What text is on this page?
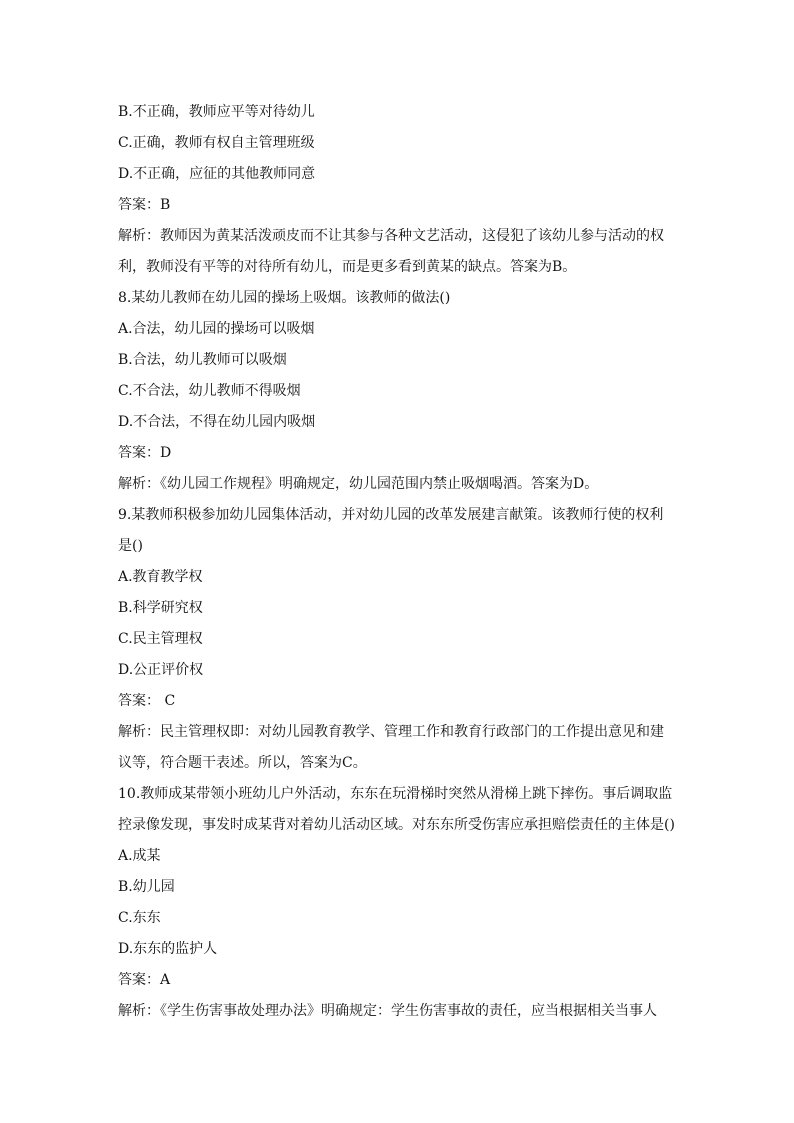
B.不正确，教师应平等对待幼儿
C.正确，教师有权自主管理班级
D.不正确，应征的其他教师同意
答案：B
解析：教师因为黄某活泼顽皮而不让其参与各种文艺活动，这侵犯了该幼儿参与活动的权
利，教师没有平等的对待所有幼儿，而是更多看到黄某的缺点。答案为B。
8.某幼儿教师在幼儿园的操场上吸烟。该教师的做法()
A.合法，幼儿园的操场可以吸烟
B.合法，幼儿教师可以吸烟
C.不合法，幼儿教师不得吸烟
D.不合法，不得在幼儿园内吸烟
答案：D
解析：《幼儿园工作规程》明确规定，幼儿园范围内禁止吸烟喝酒。答案为D。
9.某教师积极参加幼儿园集体活动，并对幼儿园的改革发展建言献策。该教师行使的权利
是()
A.教育教学权
B.科学研究权
C.民主管理权
D.公正评价权
答案： C
解析：民主管理权即：对幼儿园教育教学、管理工作和教育行政部门的工作提出意见和建
议等，符合题干表述。所以，答案为C。
10.教师成某带领小班幼儿户外活动，东东在玩滑梯时突然从滑梯上跳下摔伤。事后调取监
控录像发现，事发时成某背对着幼儿活动区域。对东东所受伤害应承担赔偿责任的主体是()
A.成某
B.幼儿园
C.东东
D.东东的监护人
答案：A
解析：《学生伤害事故处理办法》明确规定：学生伤害事故的责任，应当根据相关当事人
